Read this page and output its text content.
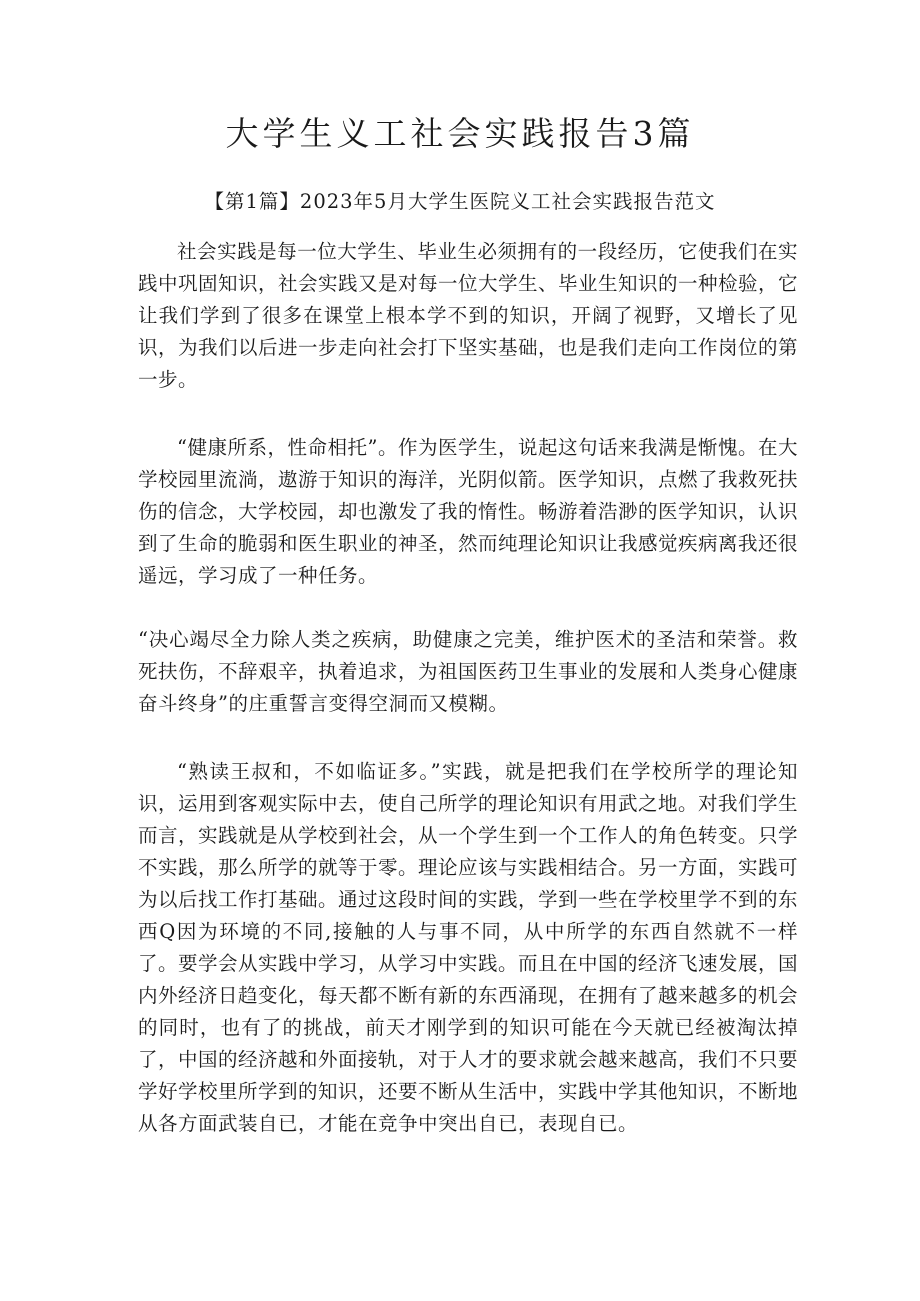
大学生义工社会实践报告3篇

【第1篇】2023年5月大学生医院义工社会实践报告范文

社会实践是每一位大学生、毕业生必须拥有的一段经历，它使我们在实践中巩固知识，社会实践又是对每一位大学生、毕业生知识的一种检验，它让我们学到了很多在课堂上根本学不到的知识，开阔了视野，又增长了见识，为我们以后进一步走向社会打下坚实基础，也是我们走向工作岗位的第一步。

“健康所系，性命相托”。作为医学生，说起这句话来我满是惭愧。在大学校园里流淌，遨游于知识的海洋，光阴似箭。医学知识，点燃了我救死扶伤的信念，大学校园，却也激发了我的惰性。畅游着浩渺的医学知识，认识到了生命的脆弱和医生职业的神圣，然而纯理论知识让我感觉疾病离我还很遥远，学习成了一种任务。

“决心竭尽全力除人类之疾病，助健康之完美，维护医术的圣洁和荣誉。救死扶伤，不辞艰辛，执着追求，为祖国医药卫生事业的发展和人类身心健康奋斗终身”的庄重誓言变得空洞而又模糊。

“熟读王叔和，不如临证多。”实践，就是把我们在学校所学的理论知识，运用到客观实际中去，使自己所学的理论知识有用武之地。对我们学生而言，实践就是从学校到社会，从一个学生到一个工作人的角色转变。只学不实践，那么所学的就等于零。理论应该与实践相结合。另一方面，实践可为以后找工作打基础。通过这段时间的实践，学到一些在学校里学不到的东西Q因为环境的不同,接触的人与事不同，从中所学的东西自然就不一样了。要学会从实践中学习，从学习中实践。而且在中国的经济飞速发展，国内外经济日趋变化，每天都不断有新的东西涌现，在拥有了越来越多的机会的同时，也有了的挑战，前天才刚学到的知识可能在今天就已经被淘汰掉了，中国的经济越和外面接轨，对于人才的要求就会越来越高，我们不只要学好学校里所学到的知识，还要不断从生活中，实践中学其他知识，不断地从各方面武装自已，才能在竞争中突出自已，表现自已。
